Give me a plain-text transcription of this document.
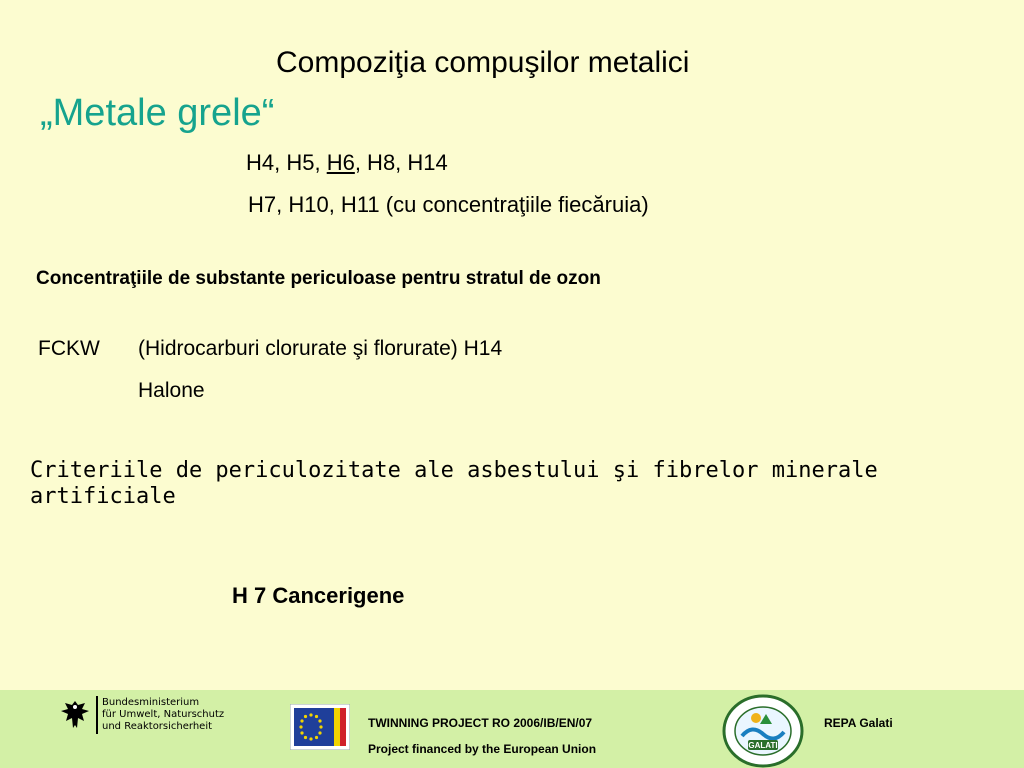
Compoziţia compuşilor metalici
„Metale grele“
H4, H5, H6, H8, H14
H7, H10, H11 (cu concentraţiile fiecăruia)
Concentraţiile de substante periculoase pentru stratul de ozon
FCKW (Hidrocarburi clorurate şi florurate) H14
Halone
Criteriile de periculozitate ale asbestului şi fibrelor minerale artificiale
H 7 Cancerigene
Bundesministerium
für Umwelt, Naturschutz
und Reaktorsicherheit	TWINNING PROJECT RO 2006/IB/EN/07
Project financed by the European Union	GALATI
REPA Galati
